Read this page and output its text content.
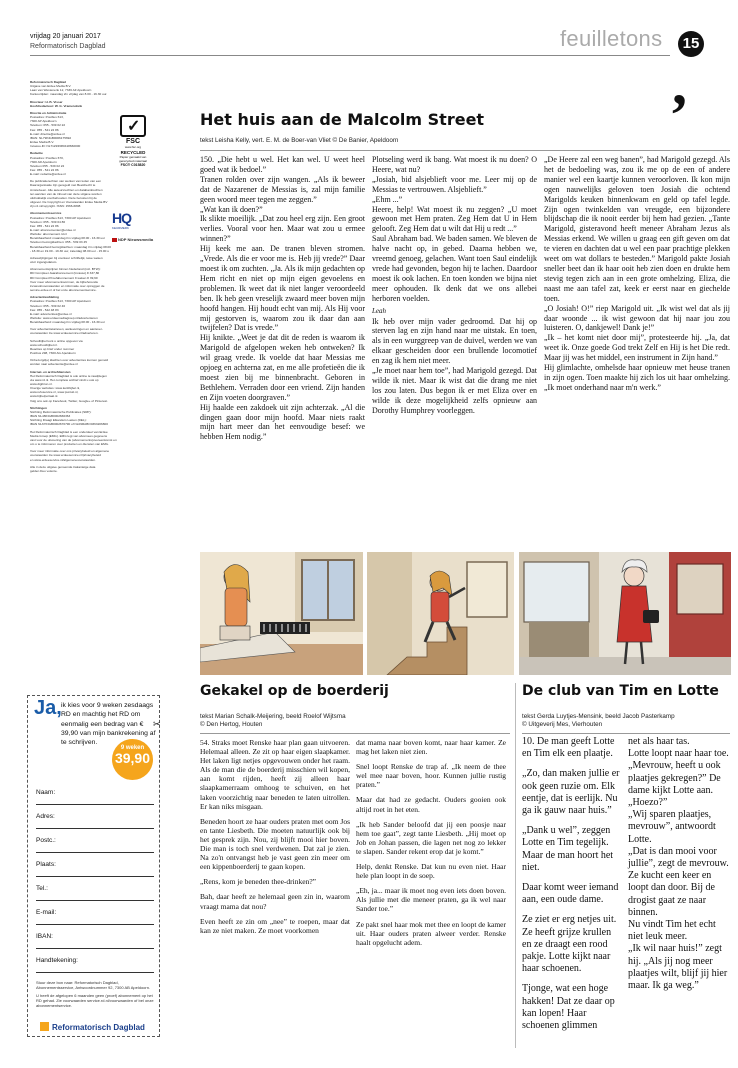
vrijdag 20 januari 2017
Reformatorisch Dagblad	feuilletons	15
,

Reformatorisch Dagblad

Uitgave van Erdee Media B.V.

Laan van Westenenk 12, 7336 AZ Apeldoorn

Kantoortijden: maandag t/m vrijdag van 8.00 - 16.30 uur.

Directeur: H. B. Visser

Hoofdredacteur: W. G. Vramendonk

Directie en Administratie

Postadres: Postbus 613,

7300 AP Apeldoorn

Telefoon: 055 - 539 02 22

Fax: 055 - 541 22 86

E-mail: directie@erdee.nl

IBAN: NL79INGB0006175692

Erdee Media B.V.

Incasso-ID: NL71ZZZ080418660000

Redactie

Postadres: Postbus 670,

7300 AR Apeldoorn

Telefoon 055 - 539 02 22

Fax: 055 - 541 22 86

E-mail: redactie@erdee.nl

De publicatierechten van werken van leden van een

Daarorganisatie zijn geregeld met Beeldrecht te

Amstelveen. Alle auteursrechten en databankrechten

ten aanzien van de inhoud van deze uitgave worden

uitdrukkelijk voorbehouden. Deze berusten bij de

uitgever. De Copyright en Voorwaarden Erdee Media BV

zijn rd.nl/copyright. ISSN: 1566-6808

Abonnementsservice

Postadres: Postbus 613, 7300 AP Apeldoorn

Telefoon: 055 - 539 04 86

Fax: 055 - 541 22 86

E-mail: abonnementen@erdee.nl

Website: abonnement.rd.nl

Bereikbaarheid: maandag t/m vrijdag 08.00 - 16.30 uur

Telefoon bezorgklachten: 055 - 539 03 45

Bereikbaarheid bezorgklachten: maandag t/m vrijdag 08.00

- 18.30 en 19.00 - 19.30 uur, zaterdag 08.00 uur - 15.00 u

Adreswijzigingen bij voorkeur schriftelijk, twee weken

vóór ingangsdatum.

Abonnementsprijzen binnen Nederland (incl. BTW):

RD Compleet Jaarabonnement (Incasso) € 337,80

RD Compleet Proefabonnement 9 weken € 39,90

Voor meer abonnementsvormen, de bijbehorende

incassobvoorwaarden en informatie over opzeggen de

service.erdee.nl of bel onze abonnementservice.

Advertentieafdeling

Postadres: Postbus 613, 7300 AP Apeldoorn

Telefoon: 055 - 539 02 46

Fax: 055 - 542 48 83

E-mail: advertenties@erdee.nl

Website: www.erdeemediagroep.nl/advertenteren

Bereikbaarheid: maandag t/m vrijdag 08.00 - 16.30 uur

Voor advertentietarieven, aanleveringen en aanlever-

voorwaarden zie www.erdeeservice.nl/adverteren.

Schoolbijbel kunt u online opgeven via

www.schoolbijbel.nl.

Reacties op brief onder nummer

Postbus 298, 7300 AG Apeldoorn

Onbezorgd(e) klachten over advertenties kunnen gemeld

worden naar advertentie@erdee.nl

Internet- en archiefdiensten

Het Reformatorisch Dagblad is ook online te raadplegen

via www.rd.nl. Het complete archief vindt u ook op

www.digibron.nl.

Overige websites: www.kerkbijbel.nl,

www.refoservice.nl, www.puntuit.nl,

www.bijbelportaal.nl.

Volg ons ook op Facebook, Twitter, Google+ of Pinterest.

Stichtingen

Stichting Reformatorische Publicaties (SRP):

IBAN NL48INGB0002666363

Stichting Draagt Elkanders Lasten (DEL):

IBAN NL67INGB0002670790 of NL09RABO0363206800

Het Reformatorisch Dagblad is een onderdeel van Erdee

Media Groep (EMG). EMG legt van abonnees gegevens

vast voor de uitvoering van de (abonnements)overeenkomst en

om u te informeren over producten en diensten van EMG.

Voor meer informatie over ons privacybeleid en algemene

voorwaarden zie www.erdeeservice.nl/privacybeleid

en www.erdeeservice.nl/algemenevoorwaarden.

Alle in deze uitgave genoemde trakanteige data

gelden Deo volente.

✓
FSC
www.fsc.org
RECYCLED
Papier gemaakt van gerecycled materiaal
FSC® C015820
HQ
KEURMERK
NDP Nieuwsmedia
✂
Ja, ik kies voor 9 weken zesdaags RD en machtig het RD om eenmalig een bedrag van € 39,90 van mijn bankrekening af te schrijven.
9 weken
39,90
Naam:
Adres:
Postc.:
Plaats:
Tel.:
E-mail:
IBAN:
Handtekening:

Stuur deze bon naar: Reformatorisch Dagblad, Abonnementsservice, Antwoordnummer 92, 7300 AB Apeldoorn.

U heeft de afgelopen 6 maanden geen (proef) abonnement op het RD gehad. Zie voorwaarden service.rd.nl/voorwaarden of bel onze abonnementservice.

Reformatorisch Dagblad
Het huis aan de Malcolm Street
tekst Leisha Kelly, vert. E. M. de Boer-van Vliet © De Banier, Apeldoorn

150. „Die hebt u wel. Het kan wel. U weet heel goed wat ik bedoel.”

Tranen rolden over zijn wangen. „Als ik beweer dat de Nazarener de Messias is, zal mijn familie geen woord meer tegen me zeggen.”

„Wat kan ik doen?”

Ik slikte moeilijk. „Dat zou heel erg zijn. Een groot verlies. Vooral voor hen. Maar wat zou u ermee winnen?”

Hij keek me aan. De tranen bleven stromen. „Vrede. Als die er voor me is. Heb jij vrede?” Daar moest ik om zuchten. „Ja. Als ik mijn gedachten op Hem richt en niet op mijn eigen gevoelens en problemen. Ik weet dat ik niet langer veroordeeld ben. Ik heb geen vreselijk zwaard meer boven mijn hoofd hangen. Hij houdt echt van mij. Als Hij voor mij gestorven is, waarom zou ik daar dan aan twijfelen? Dat is vrede.”

Hij knikte. „Weet je dat dit de reden is waarom ik Marigold de afgelopen weken heb ontweken? Ik wil graag vrede. Ik voelde dat haar Messias me opjoeg en achterna zat, en me alle profetieën die ik moest zien bij me binnenbracht. Geboren in Bethlehem. Verraden door een vriend. Zijn handen en Zijn voeten doorgraven.”

Hij haalde een zakdoek uit zijn achterzak. „Al die dingen gaan door mijn hoofd. Maar niets raakt mijn hart meer dan het eenvoudige besef: we hebben Hem nodig.”

Plotseling werd ik bang. Wat moest ik nu doen? O Heere, wat nu?

„Josiah, bid alsjeblieft voor me. Leer mij op de Messias te vertrouwen. Alsjeblieft.”

„Ehm ...”

Heere, help! Wat moest ik nu zeggen? „U moet gewoon met Hem praten. Zeg Hem dat U in Hem gelooft. Zeg Hem dat u wilt dat Hij u redt ...”

Saul Abraham bad. We baden samen. We bleven de halve nacht op, in gebed. Daarna hebben we, vreemd genoeg, gelachen. Want toen Saul eindelijk vrede had gevonden, begon hij te lachen. Daardoor moest ik ook lachen. En toen konden we bijna niet meer ophouden. Ik denk dat we ons allebei herboren voelden.

Leah

Ik heb over mijn vader gedroomd. Dat hij op sterven lag en zijn hand naar me uitstak. En toen, als in een wurggreep van de duivel, werden we van elkaar gescheiden door een brullende locomotief en zag ik hem niet meer.

„Je moet naar hem toe”, had Marigold gezegd. Dat wilde ik niet. Maar ik wist dat die drang me niet los zou laten. Dus begon ik er met Eliza over en wilde ik deze mogelijkheid zelfs opnieuw aan Dorothy Humphrey voorleggen.

„De Heere zal een weg banen”, had Marigold gezegd. Als het de bedoeling was, zou ik me op de een of andere manier wel een kaartje kunnen veroorloven. Ik kon mijn ogen nauwelijks geloven toen Josiah die ochtend Marigolds keuken binnenkwam en geld op tafel legde. Zijn ogen twinkelden van vreugde, een bijzondere blijdschap die ik nooit eerder bij hem had gezien. „Tante Marigold, gisteravond heeft meneer Abraham Jezus als Messias erkend. We willen u graag een gift geven om dat te vieren en dachten dat u wel een paar prachtige plekken weet om wat dollars te besteden.” Marigold pakte Josiah sneller beet dan ik haar ooit heb zien doen en drukte hem stevig tegen zich aan in een grote omhelzing. Eliza, die naast me aan tafel zat, keek er eerst naar en giechelde toen.

„O Josiah! O!” riep Marigold uit. „Ik wist wel dat als jij daar woonde ... ik wist gewoon dat hij naar jou zou luisteren. O, dankjewel! Dank je!”

„Ik – het komt niet door mij”, protesteerde hij. „Ja, dat weet ik. Onze goede God trekt Zelf en Hij is het Die redt. Maar jij was het middel, een instrument in Zijn hand.”

Hij glimlachte, omhelsde haar opnieuw met heuse tranen in zijn ogen. Toen maakte hij zich los uit haar omhelzing. „Ik moet onderhand naar m'n werk.”

Gekakel op de boerderij
tekst Marian Schalk-Meijering, beeld Roelof Wijtsma
© Den Hertog, Houten

54. Straks moet Renske haar plan gaan uitvoeren. Helemaal alleen. Ze zit op haar eigen slaapkamer. Het laken ligt netjes opgevouwen onder het raam. Als de man die de boerderij misschien wil kopen, aan komt rijden, heeft zij alleen haar slaapkamerraam omhoog te schuiven, en het laken voorzichtig naar beneden te laten uitrollen. Er kan niks misgaan.

Beneden hoort ze haar ouders praten met oom Jos en tante Liesbeth. Die moeten natuurlijk ook bij het gesprek zijn. Nou, zij blijft mooi hier boven. Die man is toch snel verdwenen. Dat zal je zien. Na zo'n ontvangst heb je vast geen zin meer om een kippenboerderij te gaan kopen.

„Rens, kom je beneden thee-drinken?”

Bah, daar heeft ze helemaal geen zin in, waarom vraagt mama dat nou?

Even heeft ze zin om „nee” te roepen, maar dat kan ze niet maken. Ze moet voorkomen

dat mama naar boven komt, naar haar kamer. Ze mag het laken niet zien.

Snel loopt Renske de trap af. „Ik neem de thee wel mee naar boven, hoor. Kunnen jullie rustig praten.”

Maar dat had ze gedacht. Ouders gooien ook altijd roet in het eten.

„Ik heb Sander beloofd dat jij een poosje naar hem toe gaat”, zegt tante Liesbeth. „Hij moet op Job en Johan passen, die lagen net nog zo lekker te slapen. Sander rekent erop dat je komt.”

Help, denkt Renske. Dat kun nu even niet. Haar hele plan loopt in de soep.

„Eh, ja... maar ik moet nog even iets doen boven. Als jullie met die meneer praten, ga ik wel naar Sander toe.”

Ze pakt snel haar mok met thee en loopt de kamer uit. Haar ouders praten alweer verder. Renske haalt opgelucht adem.

De club van Tim en Lotte
tekst Gerda Luytjes-Mensink, beeld Jacob Pasterkamp
© Uitgeverij Mes, Vierhouten

10. De man geeft Lotte en Tim elk een plaatje.

„Zo, dan maken jullie er ook geen ruzie om. Elk eentje, dat is eerlijk. Nu ga ik gauw naar huis.”

„Dank u wel”, zeggen Lotte en Tim tegelijk. Maar de man hoort het niet.

Daar komt weer iemand aan, een oude dame.

Ze ziet er erg netjes uit. Ze heeft grijze krullen en ze draagt een rood pakje. Lotte kijkt naar haar schoenen.

Tjonge, wat een hoge hakken! Dat ze daar op kan lopen! Haar schoenen glimmen

net als haar tas.

Lotte loopt naar haar toe.

„Mevrouw, heeft u ook plaatjes gekregen?” De dame kijkt Lotte aan.

„Hoezo?”

„Wij sparen plaatjes, mevrouw”, antwoordt Lotte.

„Dat is dan mooi voor jullie”, zegt de mevrouw. Ze kucht een keer en loopt dan door. Bij de drogist gaat ze naar binnen.

Nu vindt Tim het echt niet leuk meer.

„Ik wil naar huis!” zegt hij. „Als jij nog meer plaatjes wilt, blijf jij hier maar. Ik ga weg.”
